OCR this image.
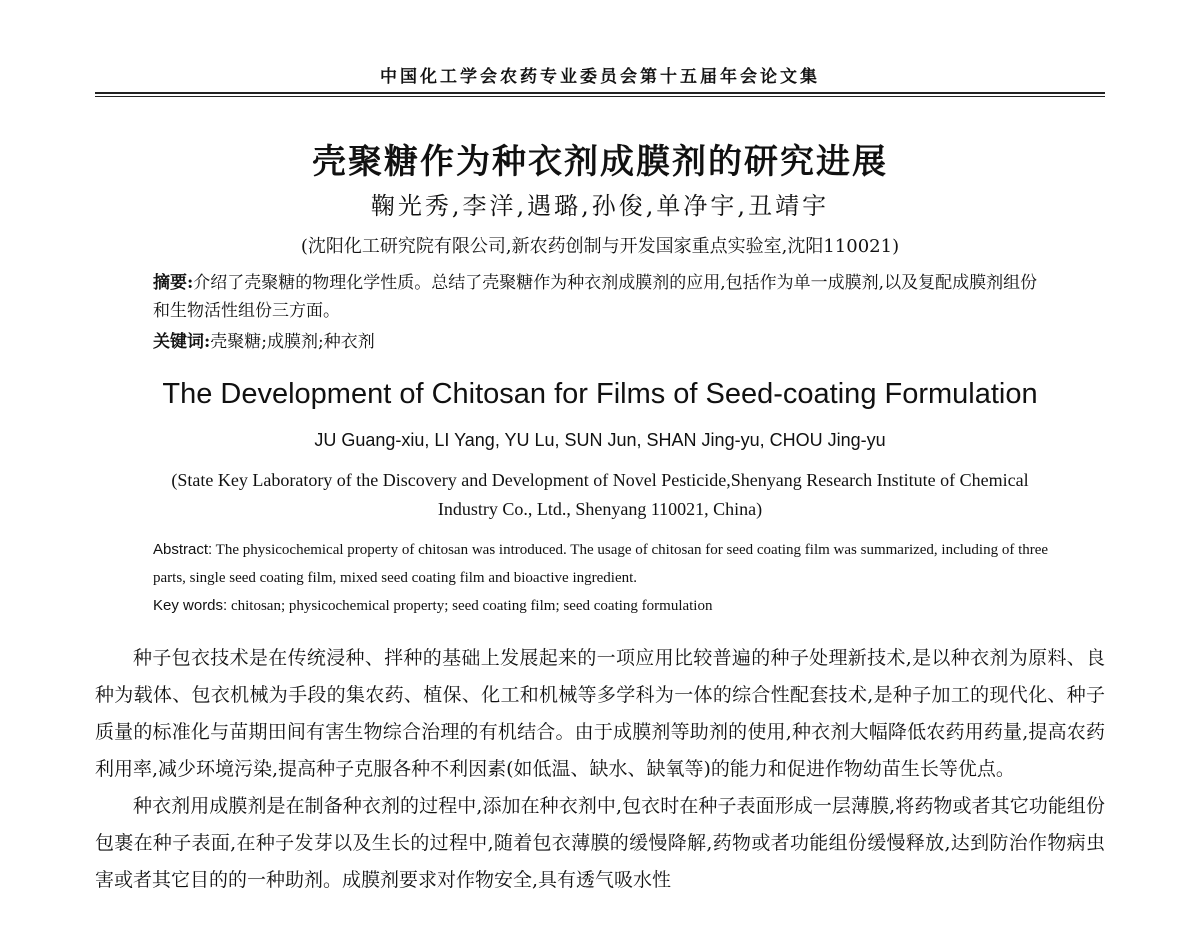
中国化工学会农药专业委员会第十五届年会论文集
壳聚糖作为种衣剂成膜剂的研究进展
鞠光秀,李洋,遇璐,孙俊,单净宇,丑靖宇
(沈阳化工研究院有限公司,新农药创制与开发国家重点实验室,沈阳110021)
摘要:介绍了壳聚糖的物理化学性质。总结了壳聚糖作为种衣剂成膜剂的应用,包括作为单一成膜剂,以及复配成膜剂组份和生物活性组份三方面。
关键词:壳聚糖;成膜剂;种衣剂
The Development of Chitosan for Films of Seed-coating Formulation
JU Guang-xiu, LI Yang, YU Lu, SUN Jun, SHAN Jing-yu, CHOU Jing-yu
(State Key Laboratory of the Discovery and Development of Novel Pesticide,Shenyang Research Institute of Chemical Industry Co., Ltd., Shenyang 110021, China)
Abstract: The physicochemical property of chitosan was introduced. The usage of chitosan for seed coating film was summarized, including of three parts, single seed coating film, mixed seed coating film and bioactive ingredient.
Key words: chitosan; physicochemical property; seed coating film; seed coating formulation

种子包衣技术是在传统浸种、拌种的基础上发展起来的一项应用比较普遍的种子处理新技术,是以种衣剂为原料、良种为载体、包衣机械为手段的集农药、植保、化工和机械等多学科为一体的综合性配套技术,是种子加工的现代化、种子质量的标准化与苗期田间有害生物综合治理的有机结合。由于成膜剂等助剂的使用,种衣剂大幅降低农药用药量,提高农药利用率,减少环境污染,提高种子克服各种不利因素(如低温、缺水、缺氧等)的能力和促进作物幼苗生长等优点。

种衣剂用成膜剂是在制备种衣剂的过程中,添加在种衣剂中,包衣时在种子表面形成一层薄膜,将药物或者其它功能组份包裹在种子表面,在种子发芽以及生长的过程中,随着包衣薄膜的缓慢降解,药物或者功能组份缓慢释放,达到防治作物病虫害或者其它目的的一种助剂。成膜剂要求对作物安全,具有透气吸水性
